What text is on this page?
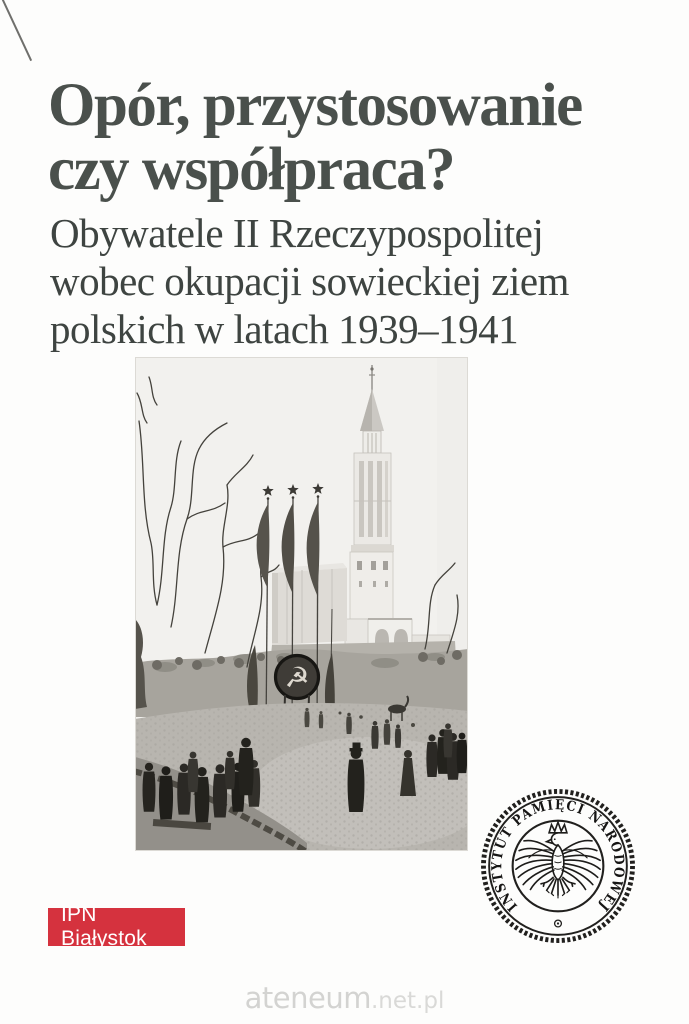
Opór, przystosowanie
czy współpraca?
Obywatele II Rzeczypospolitej
wobec okupacji sowieckiej ziem
polskich w latach 1939–1941
☭
IPN Białystok
INSTYTUT PAMIĘCI NARODOWEJ
ateneum.net.pl
